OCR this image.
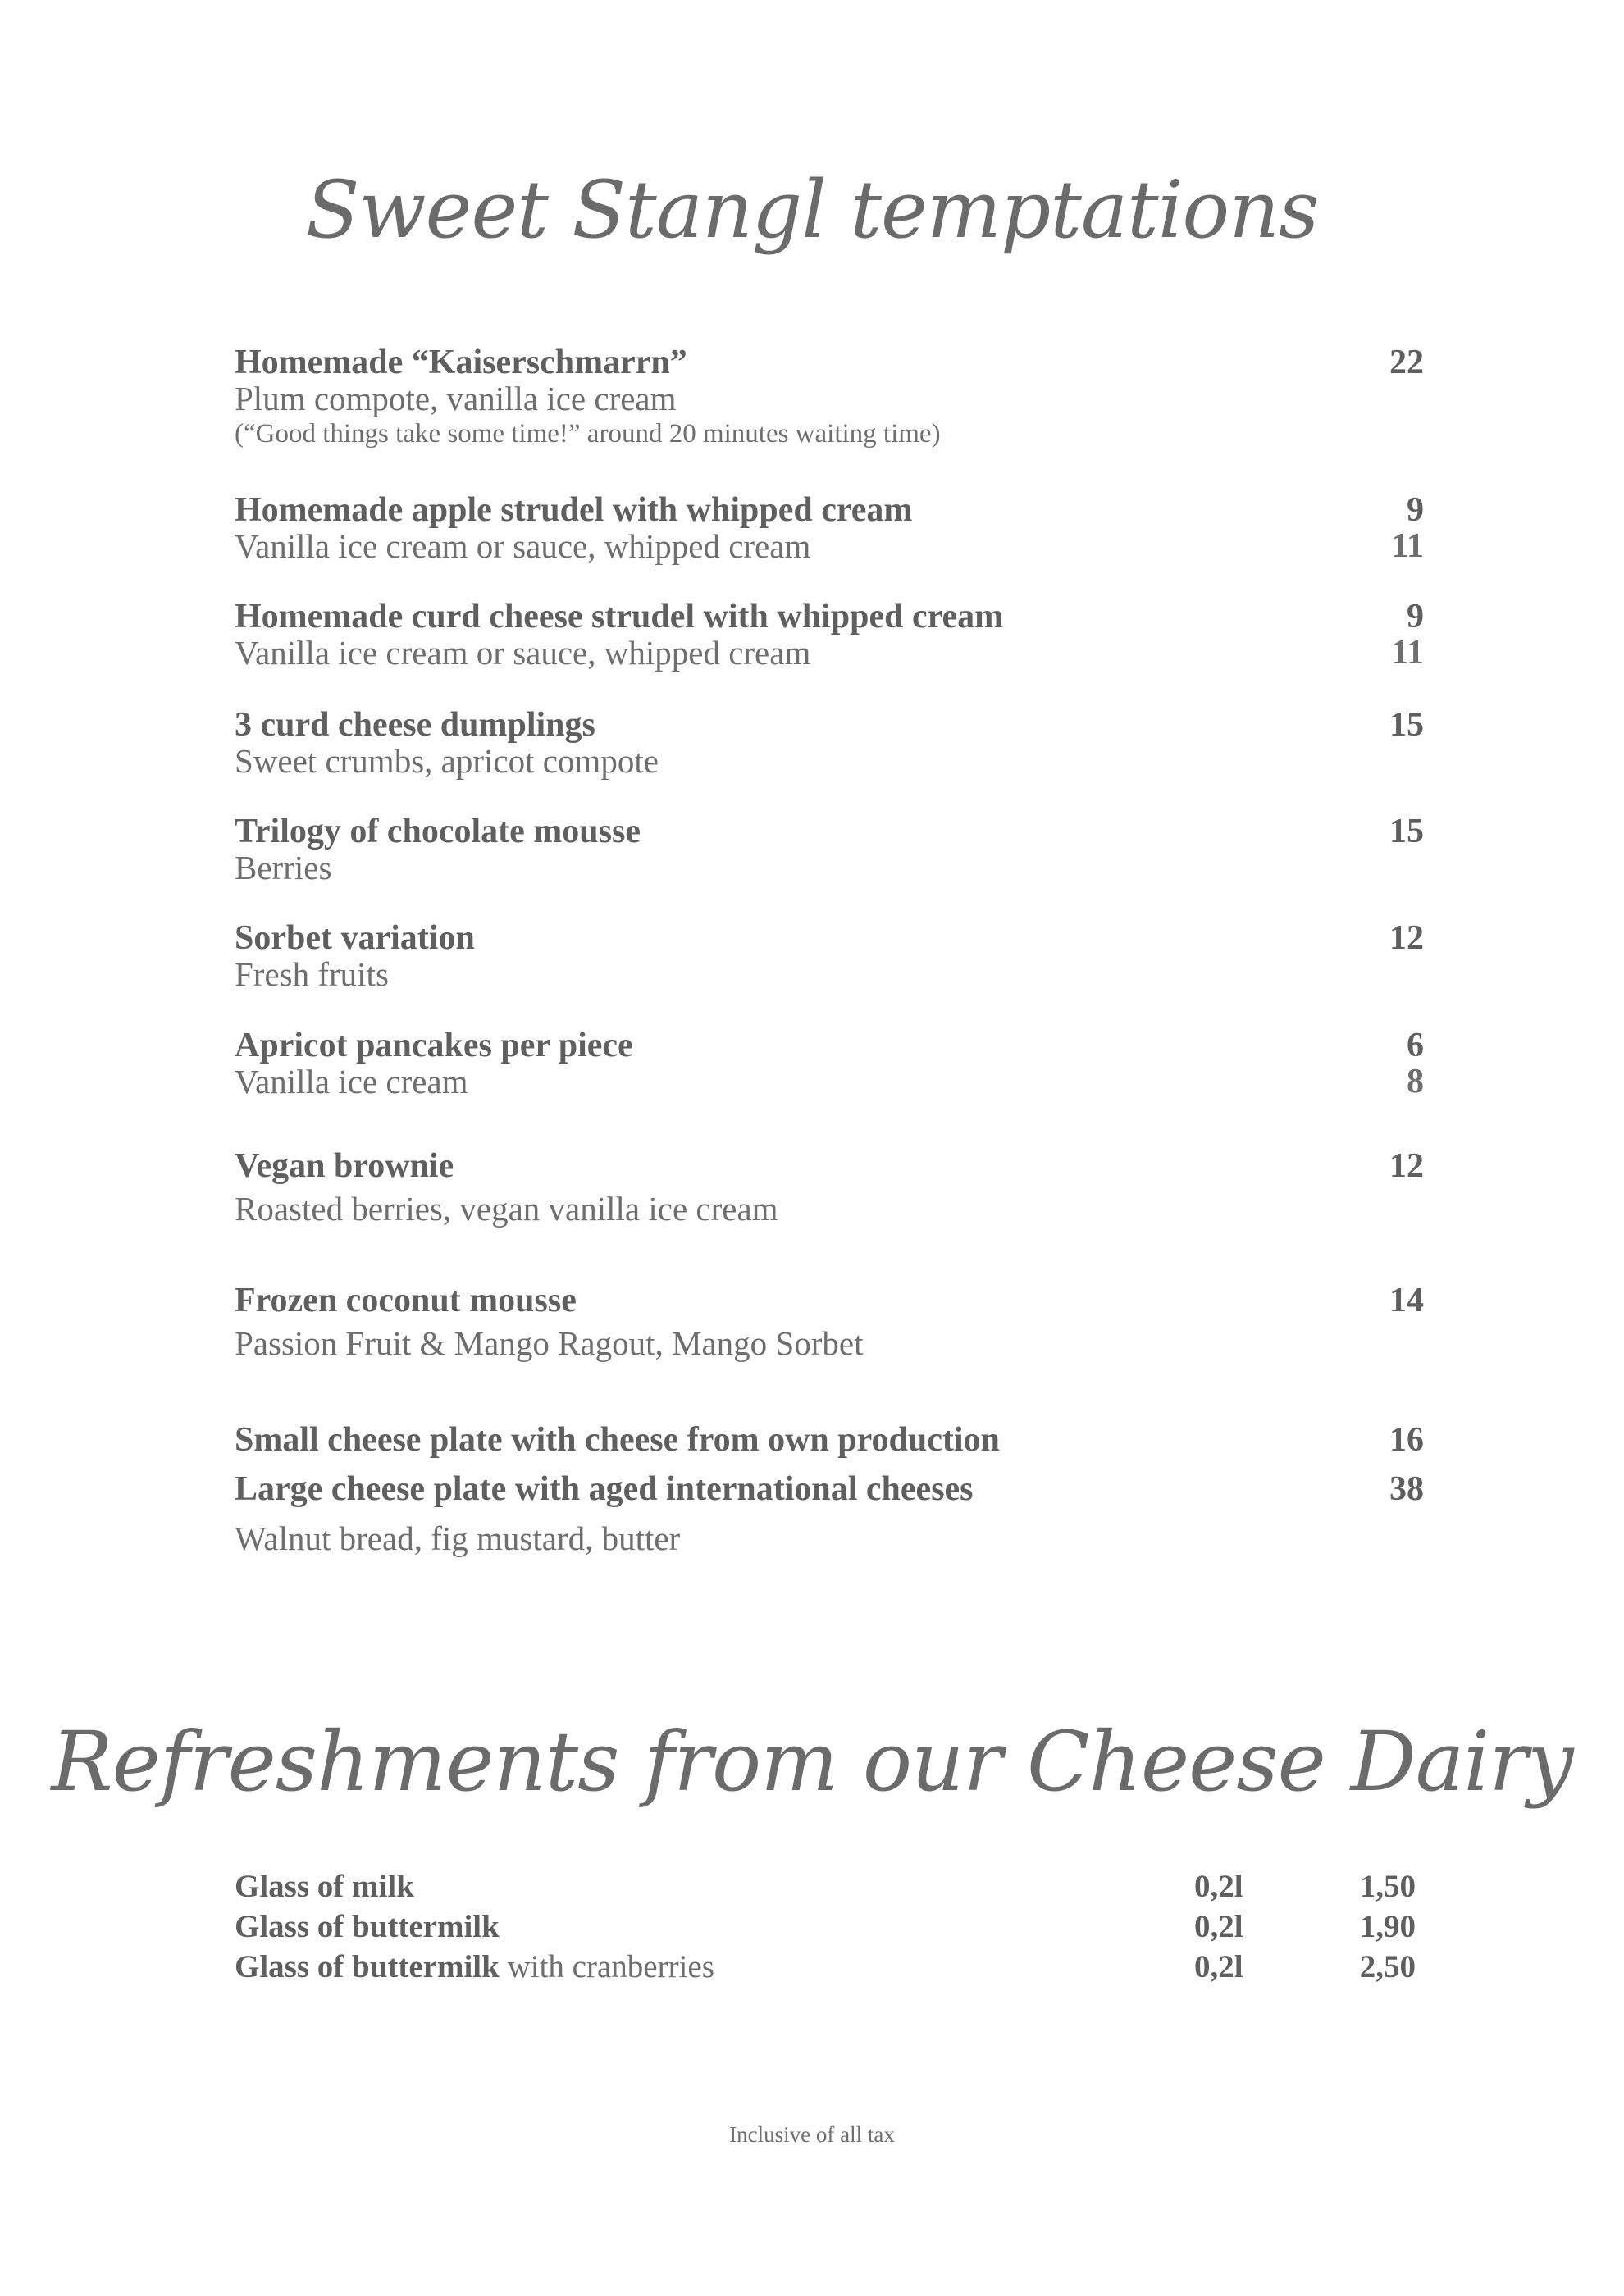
Sweet Stangl temptations
Homemade “Kaiserschmarrn”	22
Plum compote, vanilla ice cream
(“Good things take some time!” around 20 minutes waiting time)
Homemade apple strudel with whipped cream	9
Vanilla ice cream or sauce, whipped cream	11
Homemade curd cheese strudel with whipped cream	9
Vanilla ice cream or sauce, whipped cream	11
3 curd cheese dumplings	15
Sweet crumbs, apricot compote
Trilogy of chocolate mousse	15
Berries
Sorbet variation	12
Fresh fruits
Apricot pancakes per piece	6
Vanilla ice cream	8
Vegan brownie	12
Roasted berries, vegan vanilla ice cream
Frozen coconut mousse	14
Passion Fruit & Mango Ragout, Mango Sorbet
Small cheese plate with cheese from own production	16
Large cheese plate with aged international cheeses	38
Walnut bread, fig mustard, butter
Refreshments from our Cheese Dairy
Glass of milk	0,2l	1,50
Glass of buttermilk	0,2l	1,90
Glass of buttermilk with cranberries	0,2l	2,50
Inclusive of all tax
